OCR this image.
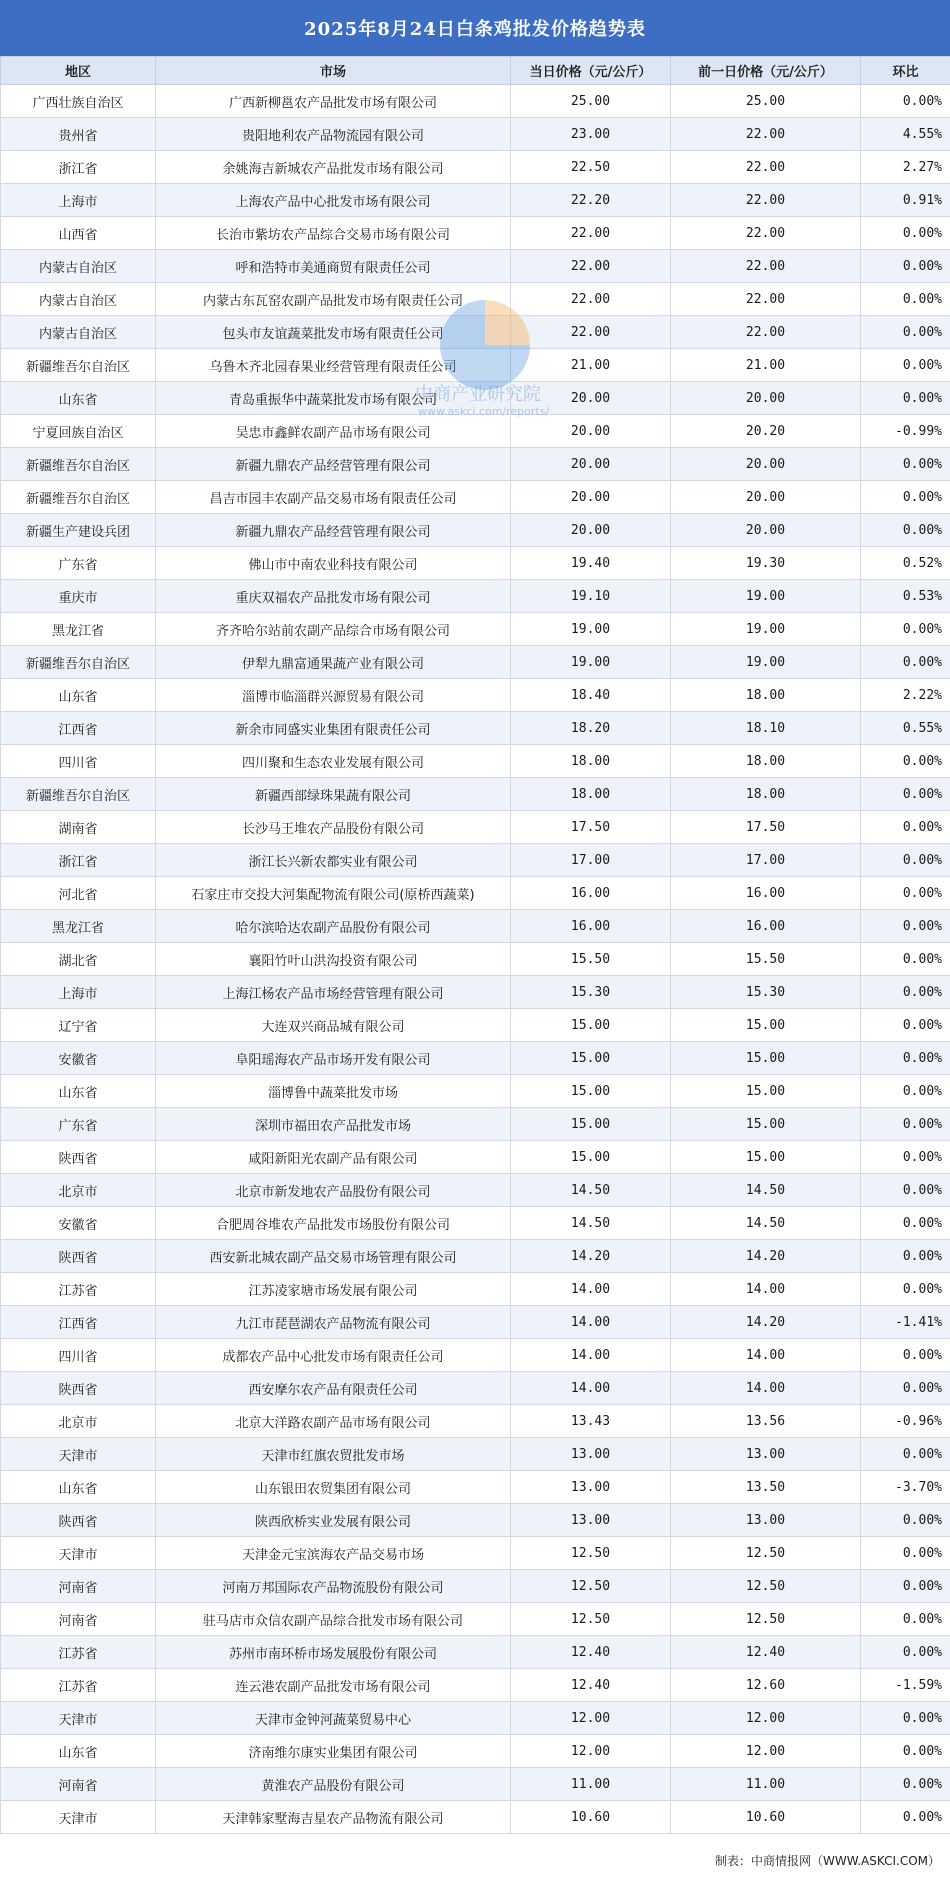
2025年8月24日白条鸡批发价格趋势表
地区	市场	当日价格（元/公斤）	前一日价格（元/公斤）	环比
广西壮族自治区	广西新柳邕农产品批发市场有限公司	25.00	25.00	0.00%
贵州省	贵阳地利农产品物流园有限公司	23.00	22.00	4.55%
浙江省	余姚海吉新城农产品批发市场有限公司	22.50	22.00	2.27%
上海市	上海农产品中心批发市场有限公司	22.20	22.00	0.91%
山西省	长治市紫坊农产品综合交易市场有限公司	22.00	22.00	0.00%
内蒙古自治区	呼和浩特市美通商贸有限责任公司	22.00	22.00	0.00%
内蒙古自治区	内蒙古东瓦窑农副产品批发市场有限责任公司	22.00	22.00	0.00%
内蒙古自治区	包头市友谊蔬菜批发市场有限责任公司	22.00	22.00	0.00%
新疆维吾尔自治区	乌鲁木齐北园春果业经营管理有限责任公司	21.00	21.00	0.00%
山东省	青岛重振华中蔬菜批发市场有限公司	20.00	20.00	0.00%
宁夏回族自治区	吴忠市鑫鲜农副产品市场有限公司	20.00	20.20	-0.99%
新疆维吾尔自治区	新疆九鼎农产品经营管理有限公司	20.00	20.00	0.00%
新疆维吾尔自治区	昌吉市园丰农副产品交易市场有限责任公司	20.00	20.00	0.00%
新疆生产建设兵团	新疆九鼎农产品经营管理有限公司	20.00	20.00	0.00%
广东省	佛山市中南农业科技有限公司	19.40	19.30	0.52%
重庆市	重庆双福农产品批发市场有限公司	19.10	19.00	0.53%
黑龙江省	齐齐哈尔站前农副产品综合市场有限公司	19.00	19.00	0.00%
新疆维吾尔自治区	伊犁九鼎富通果蔬产业有限公司	19.00	19.00	0.00%
山东省	淄博市临淄群兴源贸易有限公司	18.40	18.00	2.22%
江西省	新余市同盛实业集团有限责任公司	18.20	18.10	0.55%
四川省	四川聚和生态农业发展有限公司	18.00	18.00	0.00%
新疆维吾尔自治区	新疆西部绿珠果蔬有限公司	18.00	18.00	0.00%
湖南省	长沙马王堆农产品股份有限公司	17.50	17.50	0.00%
浙江省	浙江长兴新农都实业有限公司	17.00	17.00	0.00%
河北省	石家庄市交投大河集配物流有限公司(原桥西蔬菜)	16.00	16.00	0.00%
黑龙江省	哈尔滨哈达农副产品股份有限公司	16.00	16.00	0.00%
湖北省	襄阳竹叶山洪沟投资有限公司	15.50	15.50	0.00%
上海市	上海江杨农产品市场经营管理有限公司	15.30	15.30	0.00%
辽宁省	大连双兴商品城有限公司	15.00	15.00	0.00%
安徽省	阜阳瑶海农产品市场开发有限公司	15.00	15.00	0.00%
山东省	淄博鲁中蔬菜批发市场	15.00	15.00	0.00%
广东省	深圳市福田农产品批发市场	15.00	15.00	0.00%
陕西省	咸阳新阳光农副产品有限公司	15.00	15.00	0.00%
北京市	北京市新发地农产品股份有限公司	14.50	14.50	0.00%
安徽省	合肥周谷堆农产品批发市场股份有限公司	14.50	14.50	0.00%
陕西省	西安新北城农副产品交易市场管理有限公司	14.20	14.20	0.00%
江苏省	江苏凌家塘市场发展有限公司	14.00	14.00	0.00%
江西省	九江市琵琶湖农产品物流有限公司	14.00	14.20	-1.41%
四川省	成都农产品中心批发市场有限责任公司	14.00	14.00	0.00%
陕西省	西安摩尔农产品有限责任公司	14.00	14.00	0.00%
北京市	北京大洋路农副产品市场有限公司	13.43	13.56	-0.96%
天津市	天津市红旗农贸批发市场	13.00	13.00	0.00%
山东省	山东银田农贸集团有限公司	13.00	13.50	-3.70%
陕西省	陕西欣桥实业发展有限公司	13.00	13.00	0.00%
天津市	天津金元宝滨海农产品交易市场	12.50	12.50	0.00%
河南省	河南万邦国际农产品物流股份有限公司	12.50	12.50	0.00%
河南省	驻马店市众信农副产品综合批发市场有限公司	12.50	12.50	0.00%
江苏省	苏州市南环桥市场发展股份有限公司	12.40	12.40	0.00%
江苏省	连云港农副产品批发市场有限公司	12.40	12.60	-1.59%
天津市	天津市金钟河蔬菜贸易中心	12.00	12.00	0.00%
山东省	济南维尔康实业集团有限公司	12.00	12.00	0.00%
河南省	黄淮农产品股份有限公司	11.00	11.00	0.00%
天津市	天津韩家墅海吉星农产品物流有限公司	10.60	10.60	0.00%
中商产业研究院
www.askci.com/reports/
制表：中商情报网（WWW.ASKCI.COM）
